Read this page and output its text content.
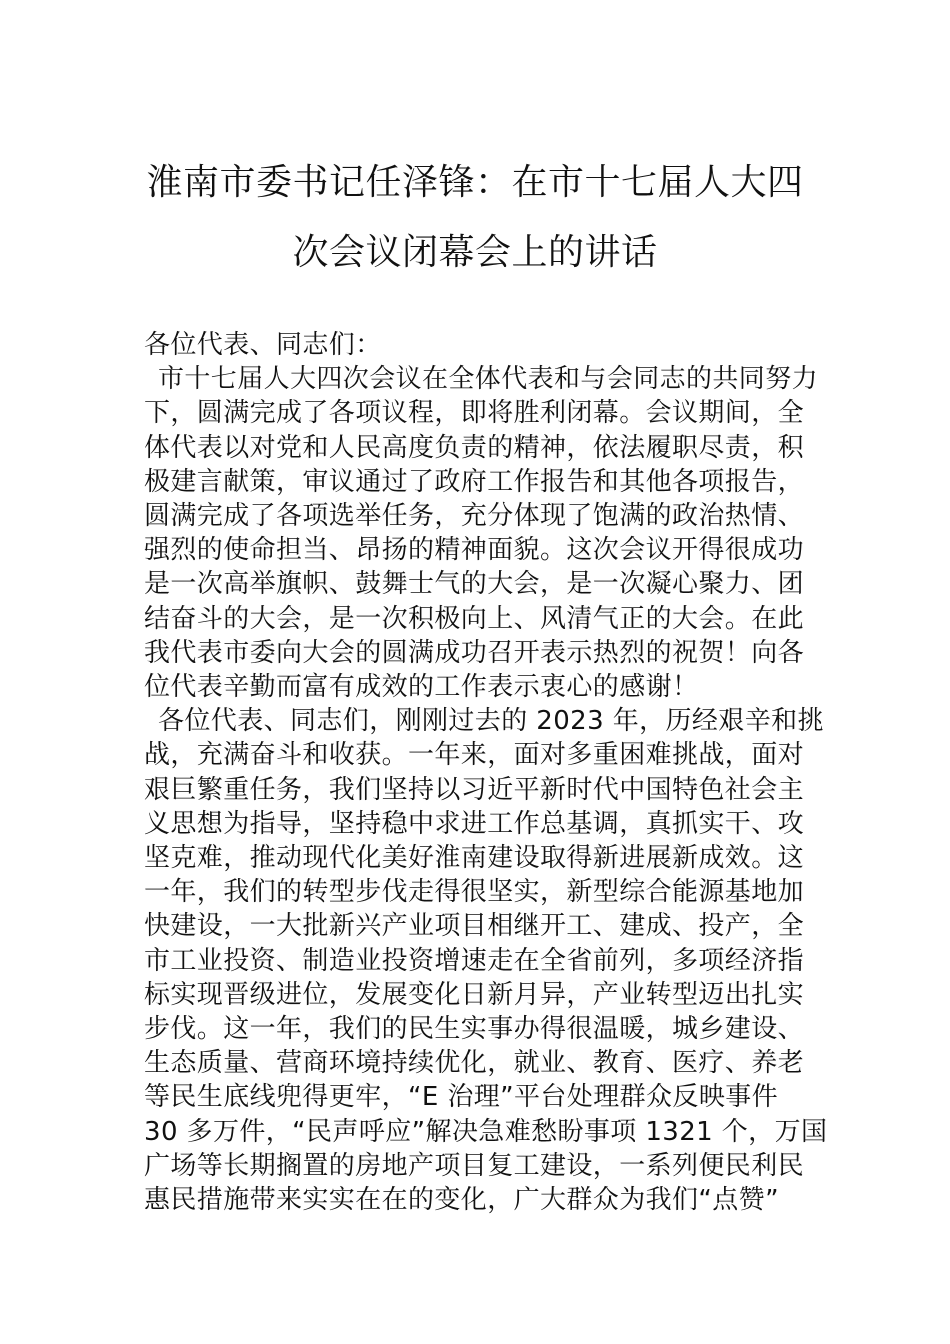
淮南市委书记任泽锋：在市十七届人大四
次会议闭幕会上的讲话
各位代表、同志们：
市十七届人大四次会议在全体代表和与会同志的共同努力
下，圆满完成了各项议程，即将胜利闭幕。会议期间，全
体代表以对党和人民高度负责的精神，依法履职尽责，积
极建言献策，审议通过了政府工作报告和其他各项报告，
圆满完成了各项选举任务，充分体现了饱满的政治热情、
强烈的使命担当、昂扬的精神面貌。这次会议开得很成功
是一次高举旗帜、鼓舞士气的大会，是一次凝心聚力、团
结奋斗的大会，是一次积极向上、风清气正的大会。在此
我代表市委向大会的圆满成功召开表示热烈的祝贺！向各
位代表辛勤而富有成效的工作表示衷心的感谢！
各位代表、同志们，刚刚过去的 2023 年，历经艰辛和挑
战，充满奋斗和收获。一年来，面对多重困难挑战，面对
艰巨繁重任务，我们坚持以习近平新时代中国特色社会主
义思想为指导，坚持稳中求进工作总基调，真抓实干、攻
坚克难，推动现代化美好淮南建设取得新进展新成效。这
一年，我们的转型步伐走得很坚实，新型综合能源基地加
快建设，一大批新兴产业项目相继开工、建成、投产，全
市工业投资、制造业投资增速走在全省前列，多项经济指
标实现晋级进位，发展变化日新月异，产业转型迈出扎实
步伐。这一年，我们的民生实事办得很温暖，城乡建设、
生态质量、营商环境持续优化，就业、教育、医疗、养老
等民生底线兜得更牢，“E 治理”平台处理群众反映事件
30 多万件，“民声呼应”解决急难愁盼事项 1321 个，万国
广场等长期搁置的房地产项目复工建设，一系列便民利民
惠民措施带来实实在在的变化，广大群众为我们“点赞”
